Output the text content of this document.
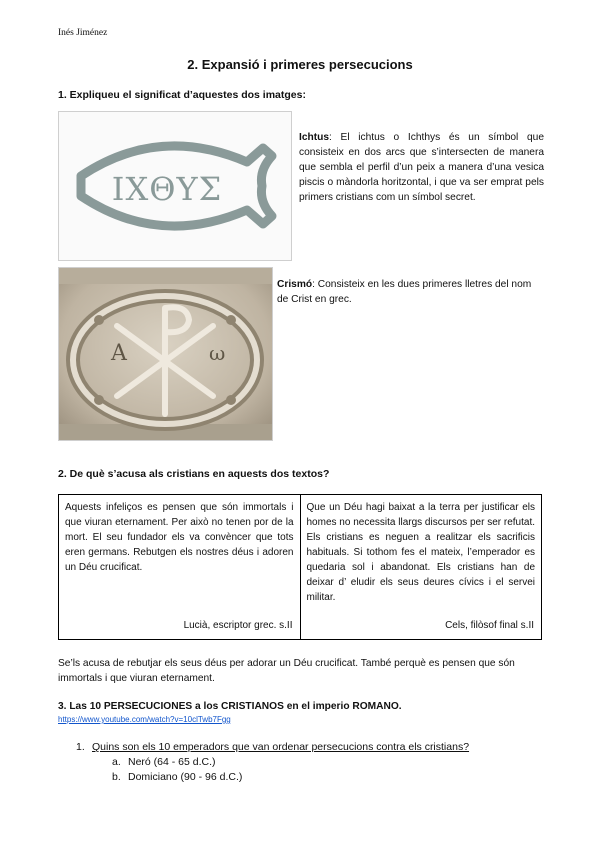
Inés Jiménez
2. Expansió i primeres persecucions
1. Expliqueu el significat d’aquestes dos imatges:
ΙΧΘΥΣ
Ichtus: El ichtus o Ichthys és un símbol que consisteix en dos arcs que s’intersecten de manera que sembla el perfil d’un peix a manera d’una vesica piscis o màndorla horitzontal, i que va ser emprat pels primers cristians com un símbol secret.
A	ω
Crismó: Consisteix en les dues primeres lletres del nom de Crist en grec.
2. De què s’acusa als cristians en aquests dos textos?
Aquests infeliços es pensen que són immortals i que viuran eternament. Per això no tenen por de la mort. El seu fundador els va convèncer que tots eren germans. Rebutgen els nostres déus i adoren un Déu crucificat.
Lucià, escriptor grec. s.II

Que un Déu hagi baixat a la terra per justificar els homes no necessita llargs discursos per ser refutat. Els cristians es neguen a realitzar els sacrificis habituals. Si tothom fes el mateix, l’emperador es quedaria sol i abandonat. Els cristians han de deixar d’ eludir els seus deures cívics i el servei militar.
Cels, filòsof final s.II
Se’ls acusa de rebutjar els seus déus per adorar un Déu crucificat. També perquè es pensen que són immortals i que viuran eternament.
3. Las 10 PERSECUCIONES a los CRISTIANOS en el imperio ROMANO.
https://www.youtube.com/watch?v=10clTwb7Fgg
1. Quins son els 10 emperadors que van ordenar persecucions contra els cristians?
a. Neró (64 - 65 d.C.)
b. Domiciano (90 - 96 d.C.)
